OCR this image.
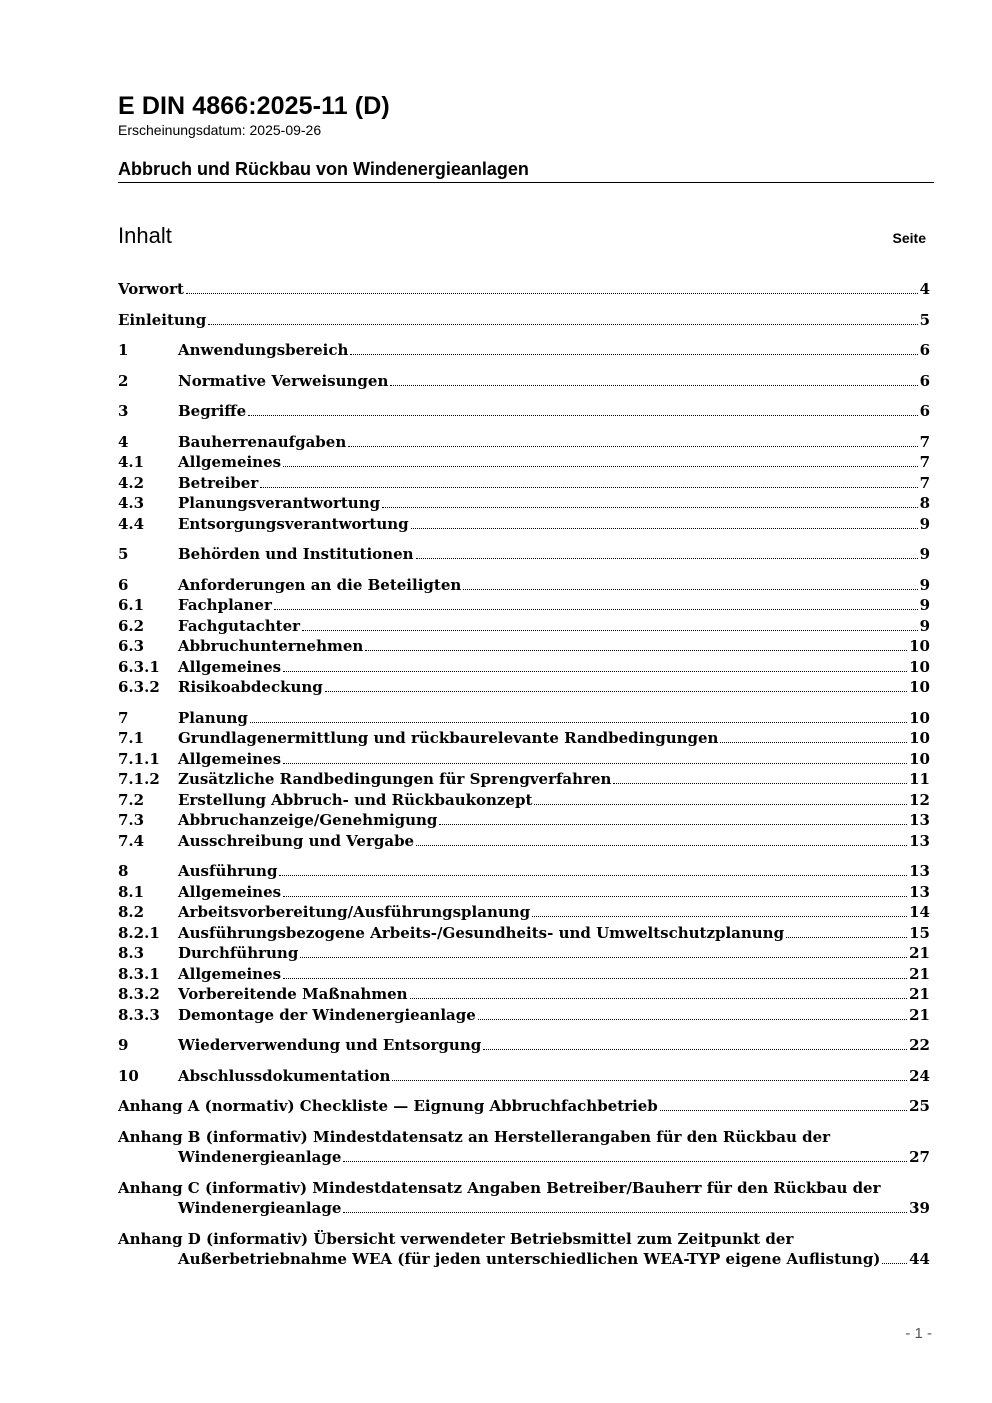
E DIN 4866:2025-11 (D)
Erscheinungsdatum: 2025-09-26
Abbruch und Rückbau von Windenergieanlagen
Inhalt	Seite
Vorwort	4
Einleitung	5
1	Anwendungsbereich	6
2	Normative Verweisungen	6
3	Begriffe	6
4	Bauherrenaufgaben	7
4.1	Allgemeines	7
4.2	Betreiber	7
4.3	Planungsverantwortung	8
4.4	Entsorgungsverantwortung	9
5	Behörden und Institutionen	9
6	Anforderungen an die Beteiligten	9
6.1	Fachplaner	9
6.2	Fachgutachter	9
6.3	Abbruchunternehmen	10
6.3.1	Allgemeines	10
6.3.2	Risikoabdeckung	10
7	Planung	10
7.1	Grundlagenermittlung und rückbaurelevante Randbedingungen	10
7.1.1	Allgemeines	10
7.1.2	Zusätzliche Randbedingungen für Sprengverfahren	11
7.2	Erstellung Abbruch- und Rückbaukonzept	12
7.3	Abbruchanzeige/Genehmigung	13
7.4	Ausschreibung und Vergabe	13
8	Ausführung	13
8.1	Allgemeines	13
8.2	Arbeitsvorbereitung/Ausführungsplanung	14
8.2.1	Ausführungsbezogene Arbeits-/Gesundheits- und Umweltschutzplanung	15
8.3	Durchführung	21
8.3.1	Allgemeines	21
8.3.2	Vorbereitende Maßnahmen	21
8.3.3	Demontage der Windenergieanlage	21
9	Wiederverwendung und Entsorgung	22
10	Abschlussdokumentation	24
Anhang A (normativ) Checkliste — Eignung Abbruchfachbetrieb	25
Anhang B (informativ) Mindestdatensatz an Herstellerangaben für den Rückbau der
Windenergieanlage	27
Anhang C (informativ) Mindestdatensatz Angaben Betreiber/Bauherr für den Rückbau der
Windenergieanlage	39
Anhang D (informativ) Übersicht verwendeter Betriebsmittel zum Zeitpunkt der
Außerbetriebnahme WEA (für jeden unterschiedlichen WEA-TYP eigene Auflistung) 44
- 1 -
